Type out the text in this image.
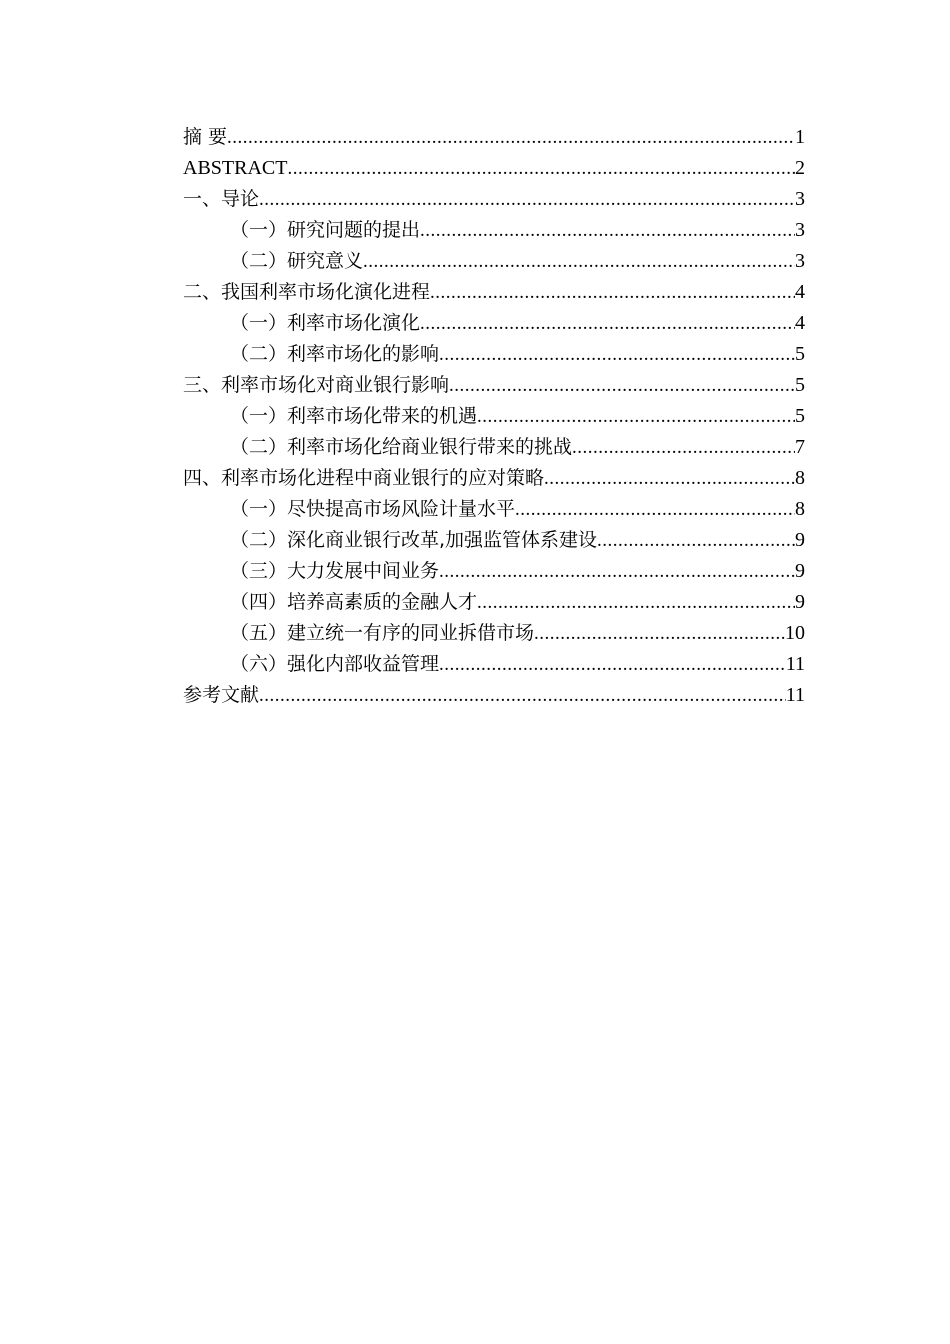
摘 要 .....	1
ABSTRACT .....	2
一、导论 .....	3
（一）研究问题的提出 .....	3
（二）研究意义 .....	3
二、我国利率市场化演化进程 .....	4
（一）利率市场化演化 .....	4
（二）利率市场化的影响 .....	5
三、利率市场化对商业银行影响 .....	5
（一）利率市场化带来的机遇 .....	5
（二）利率市场化给商业银行带来的挑战 .....	7
四、利率市场化进程中商业银行的应对策略 .....	8
（一）尽快提高市场风险计量水平 .....	8
（二）深化商业银行改革,加强监管体系建设 .....	9
（三）大力发展中间业务 .....	9
（四）培养高素质的金融人才 .....	9
（五）建立统一有序的同业拆借市场 .....	10
（六）强化内部收益管理 .....	11
参考文献 .....	11
